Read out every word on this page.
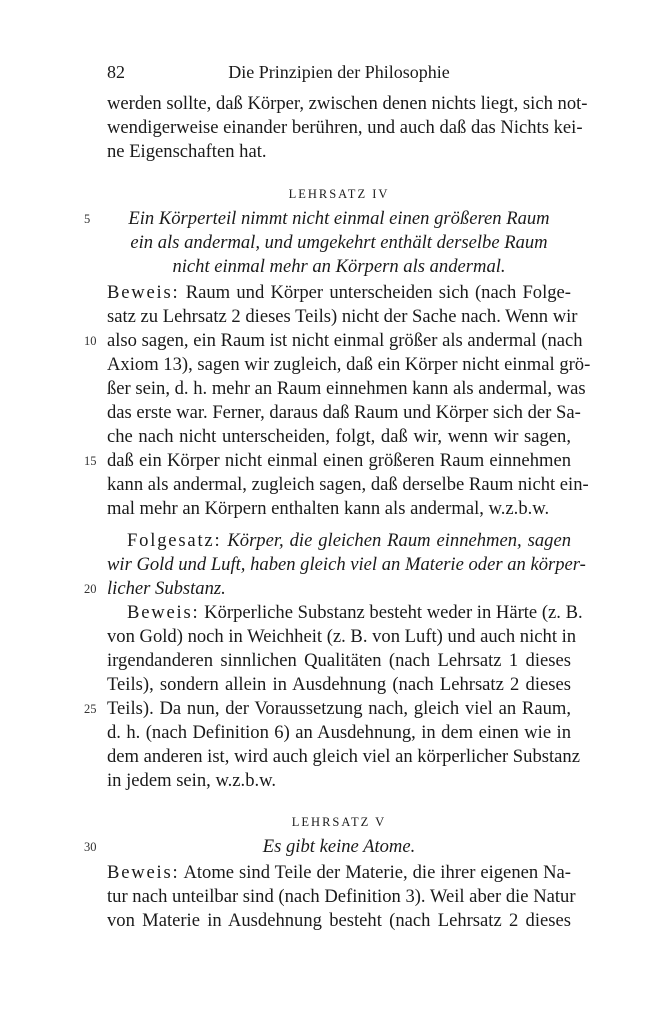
82	Die Prinzipien der Philosophie
werden sollte, daß Körper, zwischen denen nichts liegt, sich not-
wendigerweise einander berühren, und auch daß das Nichts kei-
ne Eigenschaften hat.
LEHRSATZ IV
5	Ein Körperteil nimmt nicht einmal einen größeren Raum
ein als andermal, und umgekehrt enthält derselbe Raum
nicht einmal mehr an Körpern als andermal.
Beweis: Raum und Körper unterscheiden sich (nach Folge-
satz zu Lehrsatz 2 dieses Teils) nicht der Sache nach. Wenn wir
10 also sagen, ein Raum ist nicht einmal größer als andermal (nach
Axiom 13), sagen wir zugleich, daß ein Körper nicht einmal grö-
ßer sein, d. h. mehr an Raum einnehmen kann als andermal, was
das erste war. Ferner, daraus daß Raum und Körper sich der Sa-
che nach nicht unterscheiden, folgt, daß wir, wenn wir sagen,
15 daß ein Körper nicht einmal einen größeren Raum einnehmen
kann als andermal, zugleich sagen, daß derselbe Raum nicht ein-
mal mehr an Körpern enthalten kann als andermal, w.z.b.w.
Folgesatz: Körper, die gleichen Raum einnehmen, sagen
wir Gold und Luft, haben gleich viel an Materie oder an körper-
20 licher Substanz.
Beweis: Körperliche Substanz besteht weder in Härte (z. B.
von Gold) noch in Weichheit (z. B. von Luft) und auch nicht in
irgendanderen sinnlichen Qualitäten (nach Lehrsatz 1 dieses
Teils), sondern allein in Ausdehnung (nach Lehrsatz 2 dieses
25 Teils). Da nun, der Voraussetzung nach, gleich viel an Raum,
d. h. (nach Definition 6) an Ausdehnung, in dem einen wie in
dem anderen ist, wird auch gleich viel an körperlicher Substanz
in jedem sein, w.z.b.w.
LEHRSATZ V
30	Es gibt keine Atome.
Beweis: Atome sind Teile der Materie, die ihrer eigenen Na-
tur nach unteilbar sind (nach Definition 3). Weil aber die Natur
von Materie in Ausdehnung besteht (nach Lehrsatz 2 dieses
